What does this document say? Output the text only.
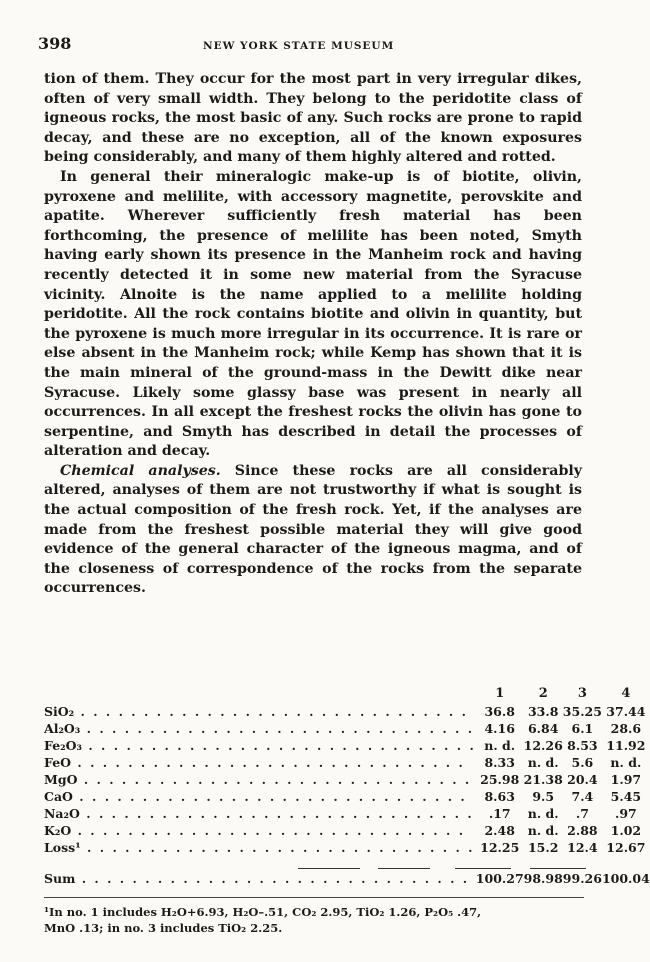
398	NEW YORK STATE MUSEUM

tion of them. They occur for the most part in very irregular dikes, often of very small width. They belong to the peridotite class of igneous rocks, the most basic of any. Such rocks are prone to rapid decay, and these are no exception, all of the known exposures being considerably, and many of them highly altered and rotted.

In general their mineralogic make-up is of biotite, olivin, pyroxene and melilite, with accessory magnetite, perovskite and apatite. Wherever sufficiently fresh material has been forthcoming, the presence of melilite has been noted, Smyth having early shown its presence in the Manheim rock and having recently detected it in some new material from the Syracuse vicinity. Alnoite is the name applied to a melilite holding peridotite. All the rock contains biotite and olivin in quantity, but the pyroxene is much more irregular in its occurrence. It is rare or else absent in the Manheim rock; while Kemp has shown that it is the main mineral of the ground-mass in the Dewitt dike near Syracuse. Likely some glassy base was present in nearly all occurrences. In all except the freshest rocks the olivin has gone to serpentine, and Smyth has described in detail the processes of alteration and decay.

Chemical analyses. Since these rocks are all considerably altered, analyses of them are not trustworthy if what is sought is the actual composition of the fresh rock. Yet, if the analyses are made from the freshest possible material they will give good evidence of the general character of the igneous magma, and of the closeness of correspondence of the rocks from the separate occurrences.

	1	2	3	4
SiO₂ . . . . . . . . . . . . . . . . . . . . . . . . . . . . . . .	36.8	33.8	35.25	37.44
Al₂O₃ . . . . . . . . . . . . . . . . . . . . . . . . . . . . . . .	4.16	6.84	6.1	28.6
Fe₂O₃ . . . . . . . . . . . . . . . . . . . . . . . . . . . . . . .	n. d.	12.26	8.53	11.92
FeO . . . . . . . . . . . . . . . . . . . . . . . . . . . . . . .	8.33	n. d.	5.6	n. d.
MgO . . . . . . . . . . . . . . . . . . . . . . . . . . . . . . .	25.98	21.38	20.4	1.97
CaO . . . . . . . . . . . . . . . . . . . . . . . . . . . . . . .	8.63	9.5	7.4	5.45
Na₂O . . . . . . . . . . . . . . . . . . . . . . . . . . . . . . .	.17	n. d.	.7	.97
K₂O . . . . . . . . . . . . . . . . . . . . . . . . . . . . . . .	2.48	n. d.	2.88	1.02
Loss¹ . . . . . . . . . . . . . . . . . . . . . . . . . . . . . . .	12.25	15.2	12.4	12.67

Sum . . . . . . . . . . . . . . . . . . . . . . . . . . . . . . .	100.27	98.98	99.26	100.04

¹In no. 1 includes H₂O+6.93, H₂O–.51, CO₂ 2.95, TiO₂ 1.26, P₂O₅ .47,

MnO .13; in no. 3 includes TiO₂ 2.25.
